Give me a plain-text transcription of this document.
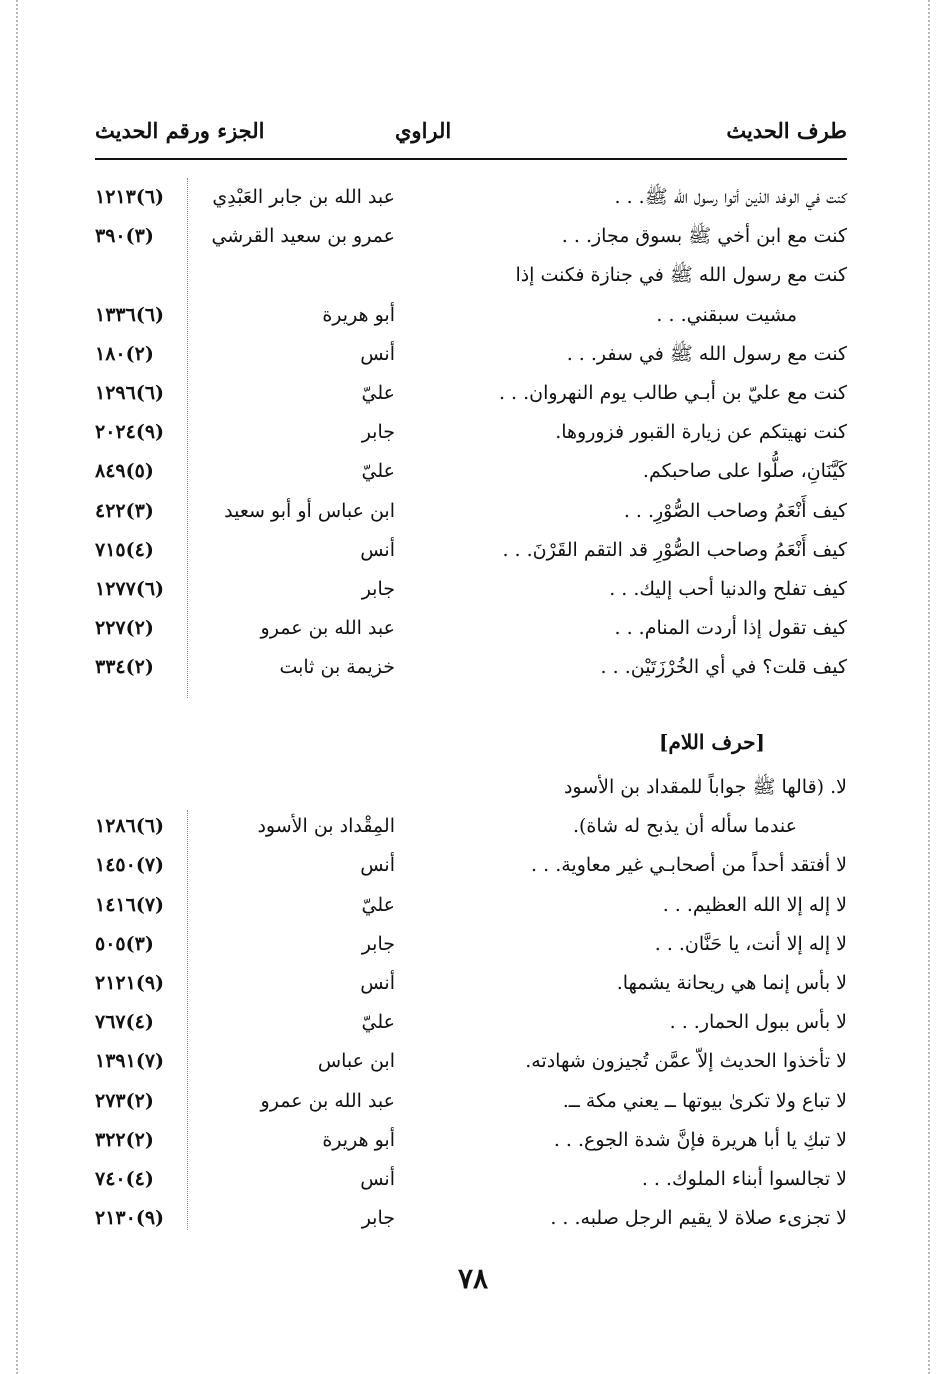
طرف الحديث
الراوي
الجزء ورقم الحديث
كنت في الوفد الذين أتوا رسول الله ﷺ. . .
عبد الله بن جابر العَبْدِي
(٦)١٢١٣
كنت مع ابن أخي ﷺ بسوق مجاز. . .
عمرو بن سعيد القرشي
(٣)٣٩٠
كنت مع رسول الله ﷺ في جنازة فكنت إذا
مشيت سبقني. . .
أبو هريرة
(٦)١٣٣٦
كنت مع رسول الله ﷺ في سفر. . .
أنس
(٢)١٨٠
كنت مع عليّ بن أبـي طالب يوم النهروان. . .
عليّ
(٦)١٢٩٦
كنت نهيتكم عن زيارة القبور فزوروها.
جابر
(٩)٢٠٢٤
كَيَّنَانِ، صلُّوا على صاحبكم.
عليّ
(٥)٨٤٩
كيف أَنْعَمُ وصاحب الصُّوْرِ. . .
ابن عباس أو أبو سعيد
(٣)٤٢٢
كيف أَنْعَمُ وصاحب الصُّوْرِ قد التقم القَرْنَ. . .
أنس
(٤)٧١٥
كيف تفلح والدنيا أحب إليك. . .
جابر
(٦)١٢٧٧
كيف تقول إذا أردت المنام. . .
عبد الله بن عمرو
(٢)٢٢٧
كيف قلت؟ في أي الخُرْزَتَيْن. . .
خزيمة بن ثابت
(٢)٣٣٤
[حرف اللام]
لا. (قالها ﷺ جواباً للمقداد بن الأسود
عندما سأله أن يذبح له شاة).
المِقْداد بن الأسود
(٦)١٢٨٦
لا أفتقد أحداً من أصحابـي غير معاوية. . .
أنس
(٧)١٤٥٠
لا إله إلا الله العظيم. . .
عليّ
(٧)١٤١٦
لا إله إلا أنت، يا حَنَّان. . .
جابر
(٣)٥٠٥
لا بأس إنما هي ريحانة يشمها.
أنس
(٩)٢١٢١
لا بأس ببول الحمار. . .
عليّ
(٤)٧٦٧
لا تأخذوا الحديث إلاّ عمَّن تُجيزون شهادته.
ابن عباس
(٧)١٣٩١
لا تباع ولا تكرىٰ بيوتها ــ يعني مكة ــ.
عبد الله بن عمرو
(٢)٢٧٣
لا تبكِ يا أبا هريرة فإنَّ شدة الجوع. . .
أبو هريرة
(٢)٣٢٢
لا تجالسوا أبناء الملوك. . .
أنس
(٤)٧٤٠
لا تجزىء صلاة لا يقيم الرجل صلبه. . .
جابر
(٩)٢١٣٠
٧٨
